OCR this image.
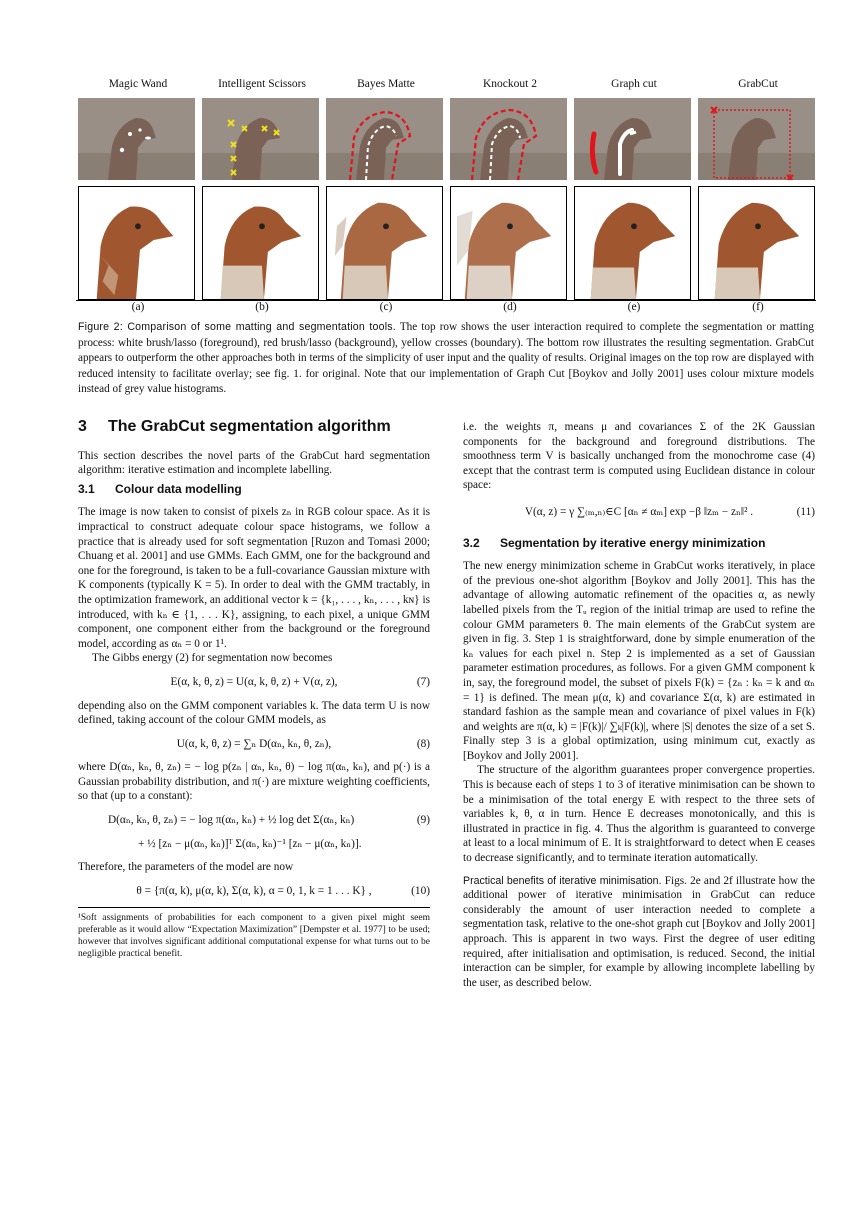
Magic Wand	Intelligent Scissors	Bayes Matte	Knockout 2	Graph cut	GrabCut
(a)	(b)	(c)	(d)	(e)	(f)
Figure 2: Comparison of some matting and segmentation tools. The top row shows the user interaction required to complete the segmentation or matting process: white brush/lasso (foreground), red brush/lasso (background), yellow crosses (boundary). The bottom row illustrates the resulting segmentation. GrabCut appears to outperform the other approaches both in terms of the simplicity of user input and the quality of results. Original images on the top row are displayed with reduced intensity to facilitate overlay; see fig. 1. for original. Note that our implementation of Graph Cut [Boykov and Jolly 2001] uses colour mixture models instead of grey value histograms.
3 The GrabCut segmentation algorithm

This section describes the novel parts of the GrabCut hard segmentation algorithm: iterative estimation and incomplete labelling.

3.1 Colour data modelling

The image is now taken to consist of pixels zₙ in RGB colour space. As it is impractical to construct adequate colour space histograms, we follow a practice that is already used for soft segmentation [Ruzon and Tomasi 2000; Chuang et al. 2001] and use GMMs. Each GMM, one for the background and one for the foreground, is taken to be a full-covariance Gaussian mixture with K components (typically K = 5). In order to deal with the GMM tractably, in the optimization framework, an additional vector k = {k₁, . . . , kₙ, . . . , kɴ} is introduced, with kₙ ∈ {1, . . . K}, assigning, to each pixel, a unique GMM component, one component either from the background or the foreground model, according as αₙ = 0 or 1¹.

The Gibbs energy (2) for segmentation now becomes

E(α, k, θ, z) = U(α, k, θ, z) + V(α, z),	(7)

depending also on the GMM component variables k. The data term U is now defined, taking account of the colour GMM models, as

U(α, k, θ, z) = ∑ₙ D(αₙ, kₙ, θ, zₙ),	(8)

where D(αₙ, kₙ, θ, zₙ) = − log p(zₙ | αₙ, kₙ, θ) − log π(αₙ, kₙ), and p(·) is a Gaussian probability distribution, and π(·) are mixture weighting coefficients, so that (up to a constant):

D(αₙ, kₙ, θ, zₙ) = − log π(αₙ, kₙ) + ½ log det Σ(αₙ, kₙ)	(9)
+ ½ [zₙ − μ(αₙ, kₙ)]ᵀ Σ(αₙ, kₙ)⁻¹ [zₙ − μ(αₙ, kₙ)].

Therefore, the parameters of the model are now

θ = {π(α, k), μ(α, k), Σ(α, k), α = 0, 1, k = 1 . . . K} ,	(10)
¹Soft assignments of probabilities for each component to a given pixel might seem preferable as it would allow “Expectation Maximization” [Dempster et al. 1977] to be used; however that involves significant additional computational expense for what turns out to be negligible practical benefit.

i.e. the weights π, means μ and covariances Σ of the 2K Gaussian components for the background and foreground distributions. The smoothness term V is basically unchanged from the monochrome case (4) except that the contrast term is computed using Euclidean distance in colour space:

V(α, z) = γ ∑₍ₘ,ₙ₎∈C [αₙ ≠ αₘ] exp −β ‖zₘ − zₙ‖² .	(11)
3.2 Segmentation by iterative energy minimization

The new energy minimization scheme in GrabCut works iteratively, in place of the previous one-shot algorithm [Boykov and Jolly 2001]. This has the advantage of allowing automatic refinement of the opacities α, as newly labelled pixels from the Tᵤ region of the initial trimap are used to refine the colour GMM parameters θ. The main elements of the GrabCut system are given in fig. 3. Step 1 is straightforward, done by simple enumeration of the kₙ values for each pixel n. Step 2 is implemented as a set of Gaussian parameter estimation procedures, as follows. For a given GMM component k in, say, the foreground model, the subset of pixels F(k) = {zₙ : kₙ = k and αₙ = 1} is defined. The mean μ(α, k) and covariance Σ(α, k) are estimated in standard fashion as the sample mean and covariance of pixel values in F(k) and weights are π(α, k) = |F(k)|/ ∑ₖ|F(k)|, where |S| denotes the size of a set S. Finally step 3 is a global optimization, using minimum cut, exactly as [Boykov and Jolly 2001].

The structure of the algorithm guarantees proper convergence properties. This is because each of steps 1 to 3 of iterative minimisation can be shown to be a minimisation of the total energy E with respect to the three sets of variables k, θ, α in turn. Hence E decreases monotonically, and this is illustrated in practice in fig. 4. Thus the algorithm is guaranteed to converge at least to a local minimum of E. It is straightforward to detect when E ceases to decrease significantly, and to terminate iteration automatically.

Practical benefits of iterative minimisation. Figs. 2e and 2f illustrate how the additional power of iterative minimisation in GrabCut can reduce considerably the amount of user interaction needed to complete a segmentation task, relative to the one-shot graph cut [Boykov and Jolly 2001] approach. This is apparent in two ways. First the degree of user editing required, after initialisation and optimisation, is reduced. Second, the initial interaction can be simpler, for example by allowing incomplete labelling by the user, as described below.
